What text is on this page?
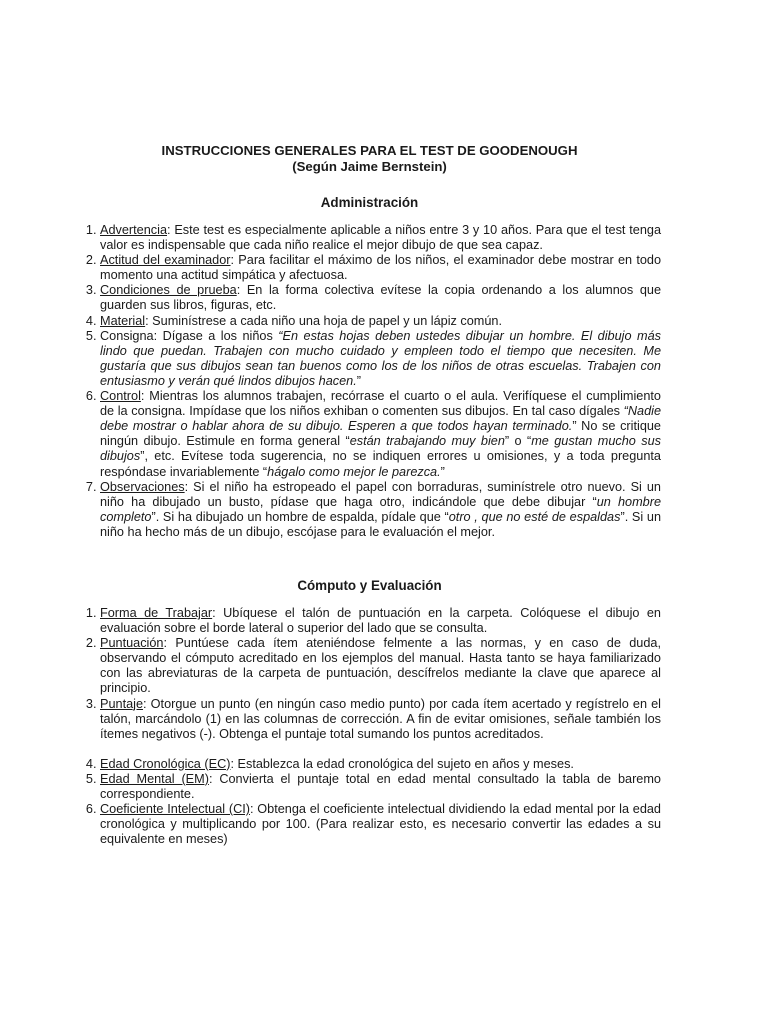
INSTRUCCIONES GENERALES PARA EL TEST DE GOODENOUGH
(Según Jaime Bernstein)
Administración
1. Advertencia: Este test es especialmente aplicable a niños entre 3 y 10 años. Para que el test tenga valor es indispensable que cada niño realice el mejor dibujo de que sea capaz.
2. Actitud del examinador: Para facilitar el máximo de los niños, el examinador debe mostrar en todo momento una actitud simpática y afectuosa.
3. Condiciones de prueba: En la forma colectiva evítese la copia ordenando a los alumnos que guarden sus libros, figuras, etc.
4. Material: Suminístrese a cada niño una hoja de papel y un lápiz común.
5. Consigna: Dígase a los niños “En estas hojas deben ustedes dibujar un hombre. El dibujo más lindo que puedan. Trabajen con mucho cuidado y empleen todo el tiempo que necesiten. Me gustaría que sus dibujos sean tan buenos como los de los niños de otras escuelas. Trabajen con entusiasmo y verán qué lindos dibujos hacen.”
6. Control: Mientras los alumnos trabajen, recórrase el cuarto o el aula. Verifíquese el cumplimiento de la consigna. Impídase que los niños exhiban o comenten sus dibujos. En tal caso dígales “Nadie debe mostrar o hablar ahora de su dibujo. Esperen a que todos hayan terminado.” No se critique ningún dibujo. Estimule en forma general “están trabajando muy bien” o “me gustan mucho sus dibujos”, etc. Evítese toda sugerencia, no se indiquen errores u omisiones, y a toda pregunta respóndase invariablemente “hágalo como mejor le parezca.”
7. Observaciones: Si el niño ha estropeado el papel con borraduras, suminístrele otro nuevo. Si un niño ha dibujado un busto, pídase que haga otro, indicándole que debe dibujar “un hombre completo”. Si ha dibujado un hombre de espalda, pídale que “otro , que no esté de espaldas”. Si un niño ha hecho más de un dibujo, escójase para le evaluación el mejor.
Cómputo y Evaluación
1. Forma de Trabajar: Ubíquese el talón de puntuación en la carpeta. Colóquese el dibujo en evaluación sobre el borde lateral o superior del lado que se consulta.
2. Puntuación: Puntúese cada ítem ateniéndose felmente a las normas, y en caso de duda, observando el cómputo acreditado en los ejemplos del manual. Hasta tanto se haya familiarizado con las abreviaturas de la carpeta de puntuación, descífrelos mediante la clave que aparece al principio.
3. Puntaje: Otorgue un punto (en ningún caso medio punto) por cada ítem acertado y regístrelo en el talón, marcándolo (1) en las columnas de corrección. A fin de evitar omisiones, señale también los ítemes negativos (-). Obtenga el puntaje total sumando los puntos acreditados.
4. Edad Cronológica (EC): Establezca la edad cronológica del sujeto en años y meses.
5. Edad Mental (EM): Convierta el puntaje total en edad mental consultado la tabla de baremo correspondiente.
6. Coeficiente Intelectual (CI): Obtenga el coeficiente intelectual dividiendo la edad mental por la edad cronológica y multiplicando por 100. (Para realizar esto, es necesario convertir las edades a su equivalente en meses)
